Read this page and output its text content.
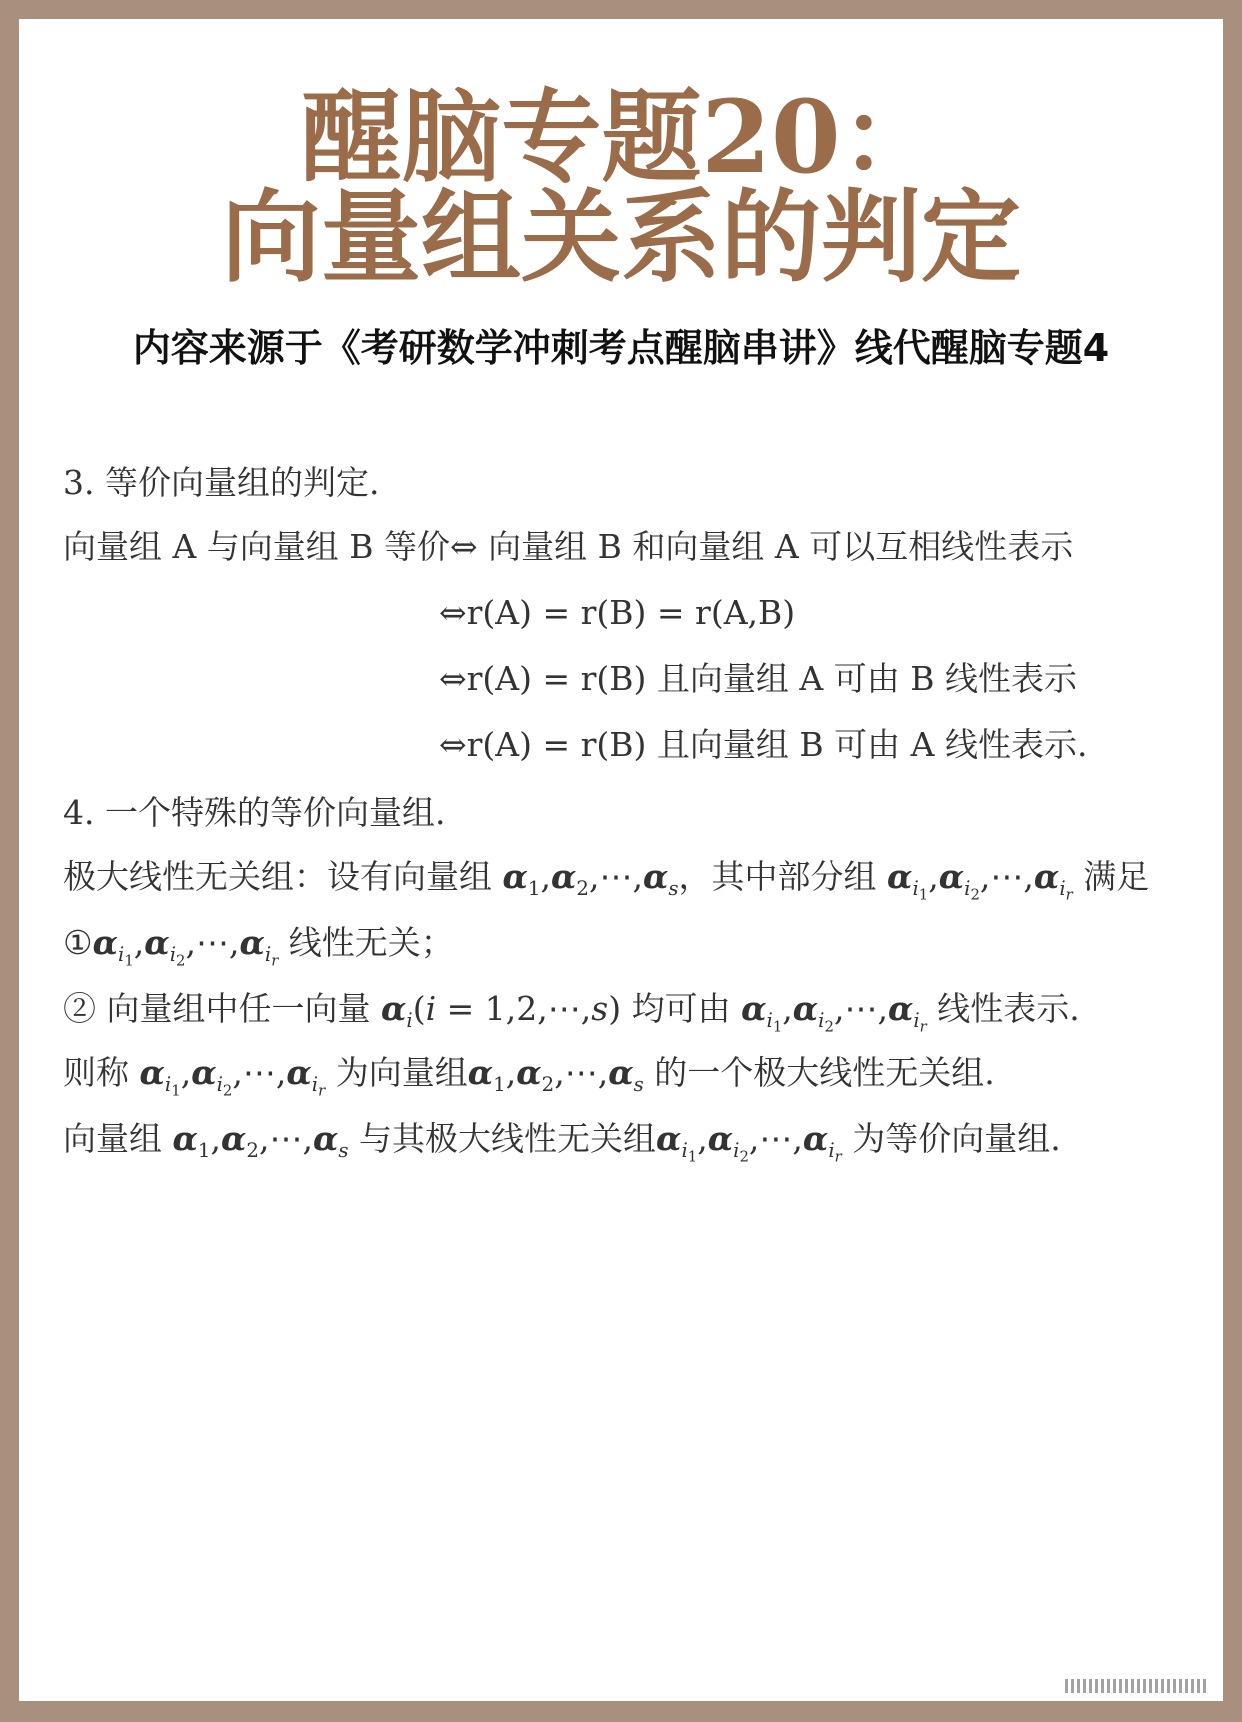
醒脑专题20：
向量组关系的判定
内容来源于《考研数学冲刺考点醒脑串讲》线代醒脑专题4
3. 等价向量组的判定.
向量组 A 与向量组 B 等价⇔ 向量组 B 和向量组 A 可以互相线性表示
⇔r(A) = r(B) = r(A,B)
⇔r(A) = r(B) 且向量组 A 可由 B 线性表示
⇔r(A) = r(B) 且向量组 B 可由 A 线性表示.
4. 一个特殊的等价向量组.
极大线性无关组：设有向量组 $\alpha_1,\alpha_2,\cdots,\alpha_s$，其中部分组 $\alpha_{i_1},\alpha_{i_2},\cdots,\alpha_{i_r}$ 满足
$①\alpha_{i_1},\alpha_{i_2},\cdots,\alpha_{i_r}$ 线性无关；
② 向量组中任一向量 $\alpha_i(i$ = 1,2,⋯,s) 均可由 $\alpha_{i_1},\alpha_{i_2},\cdots,\alpha_{i_r}$ 线性表示.
则称 $\alpha_{i_1},\alpha_{i_2},\cdots,\alpha_{i_r}$ 为向量组$\alpha_1,\alpha_2,\cdots,\alpha_s$ 的一个极大线性无关组.
向量组 $\alpha_1,\alpha_2,\cdots,\alpha_s$ 与其极大线性无关组$\alpha_{i_1},\alpha_{i_2},\cdots,\alpha_{i_r}$ 为等价向量组.
